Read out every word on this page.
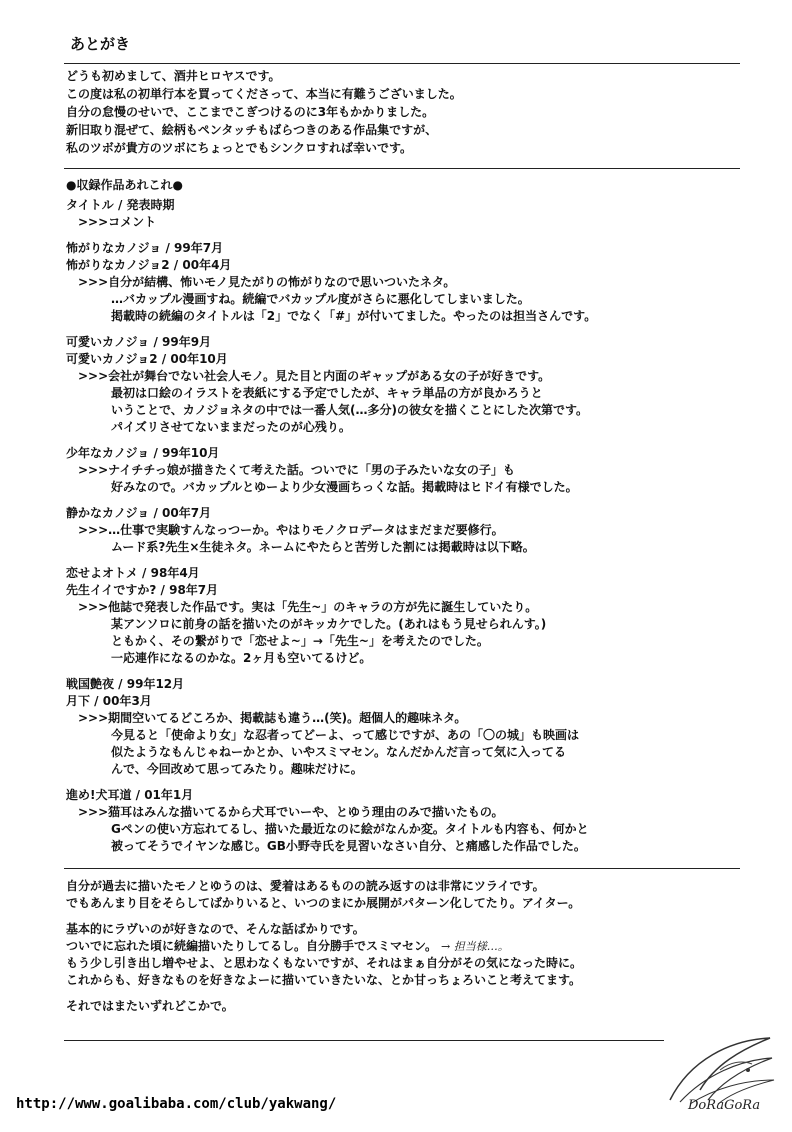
あとがき
どうも初めまして、酒井ヒロヤスです。
この度は私の初単行本を買ってくださって、本当に有難うございました。
自分の怠慢のせいで、ここまでこぎつけるのに3年もかかりました。
新旧取り混ぜて、絵柄もペンタッチもばらつきのある作品集ですが、
私のツボが貴方のツボにちょっとでもシンクロすれば幸いです。
●収録作品あれこれ●
タイトル / 発表時期
>>>コメント
怖がりなカノジョ / 99年7月
怖がりなカノジョ2 / 00年4月
>>>自分が結構、怖いモノ見たがりの怖がりなので思いついたネタ。
…バカップル漫画すね。続編でバカップル度がさらに悪化してしまいました。
掲載時の続編のタイトルは「2」でなく「#」が付いてました。やったのは担当さんです。
可愛いカノジョ / 99年9月
可愛いカノジョ2 / 00年10月
>>>会社が舞台でない社会人モノ。見た目と内面のギャップがある女の子が好きです。
最初は口絵のイラストを表紙にする予定でしたが、キャラ単品の方が良かろうと
いうことで、カノジョネタの中では一番人気(…多分)の彼女を描くことにした次第です。
パイズリさせてないままだったのが心残り。
少年なカノジョ / 99年10月
>>>ナイチチっ娘が描きたくて考えた話。ついでに「男の子みたいな女の子」も
好みなので。バカップルとゆーより少女漫画ちっくな話。掲載時はヒドイ有様でした。
静かなカノジョ / 00年7月
>>>…仕事で実験すんなっつーか。やはりモノクロデータはまだまだ要修行。
ムード系?先生×生徒ネタ。ネームにやたらと苦労した割には掲載時は以下略。
恋せよオトメ / 98年4月
先生イイですか? / 98年7月
>>>他誌で発表した作品です。実は「先生~」のキャラの方が先に誕生していたり。
某アンソロに前身の話を描いたのがキッカケでした。(あれはもう見せられんす。)
ともかく、その繋がりで「恋せよ~」→「先生~」を考えたのでした。
一応連作になるのかな。2ヶ月も空いてるけど。
戦国艶夜 / 99年12月
月下 / 00年3月
>>>期間空いてるどころか、掲載誌も違う…(笑)。超個人的趣味ネタ。
今見ると「使命より女」な忍者ってどーよ、って感じですが、あの「〇の城」も映画は
似たようなもんじゃねーかとか、いやスミマセン。なんだかんだ言って気に入ってる
んで、今回改めて思ってみたり。趣味だけに。
進め!犬耳道 / 01年1月
>>>猫耳はみんな描いてるから犬耳でいーや、とゆう理由のみで描いたもの。
Gペンの使い方忘れてるし、描いた最近なのに絵がなんか変。タイトルも内容も、何かと
被ってそうでイヤンな感じ。GB小野寺氏を見習いなさい自分、と痛感した作品でした。
自分が過去に描いたモノとゆうのは、愛着はあるものの読み返すのは非常にツライです。
でもあんまり目をそらしてばかりいると、いつのまにか展開がパターン化してたり。アイター。
基本的にラヴいのが好きなので、そんな話ばかりです。
ついでに忘れた頃に続編描いたりしてるし。自分勝手でスミマセン。 → 担当様…。
もう少し引き出し増やせよ、と思わなくもないですが、それはまぁ自分がその気になった時に。
これからも、好きなものを好きなよーに描いていきたいな、とか甘っちょろいこと考えてます。
それではまたいずれどこかで。
http://www.goalibaba.com/club/yakwang/	DoRaGoRa
